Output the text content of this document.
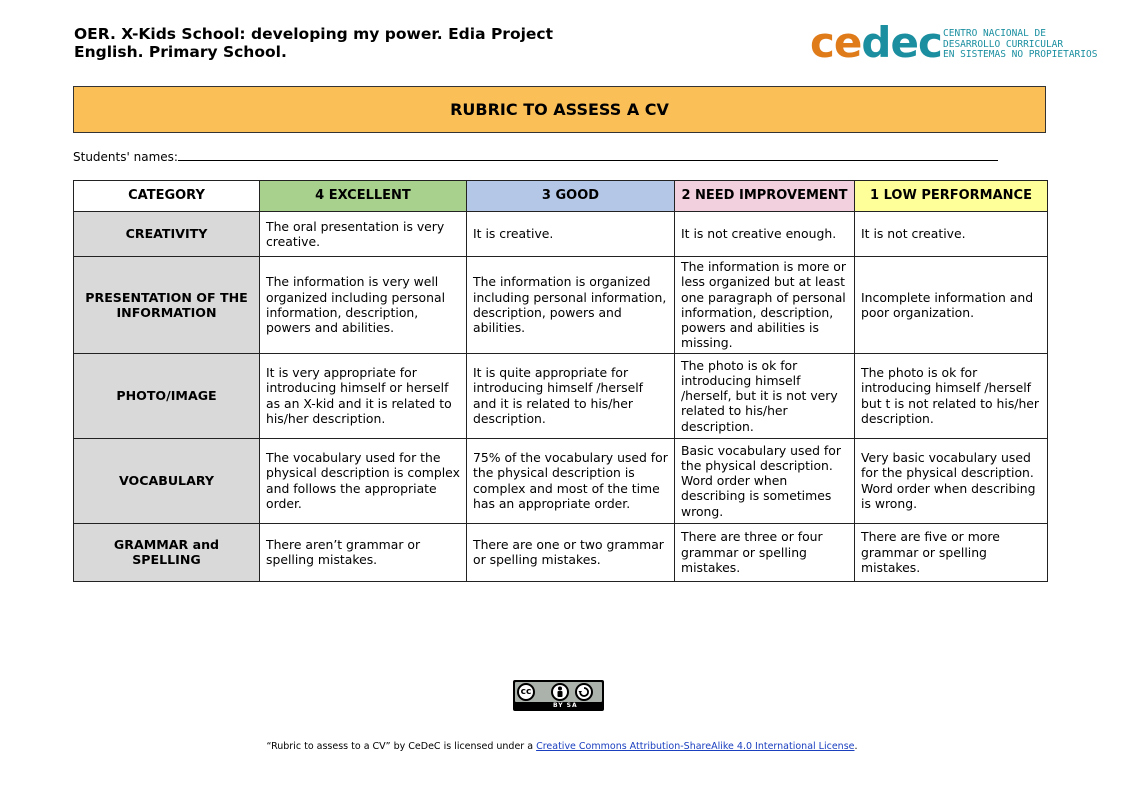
OER. X-Kids School: developing my power. Edia Project
English. Primary School.	cedec CENTRO NACIONAL DE
DESARROLLO CURRICULAR
EN SISTEMAS NO PROPIETARIOS
RUBRIC TO ASSESS A CV
Students' names:
CATEGORY	4 EXCELLENT	3 GOOD	2 NEED IMPROVEMENT	1 LOW PERFORMANCE
CREATIVITY	The oral presentation is very creative.	It is creative.	It is not creative enough.	It is not creative.
PRESENTATION OF THE INFORMATION	The information is very well organized including personal information, description, powers and abilities.	The information is organized including personal information, description, powers and abilities.	The information is more or less organized but at least one paragraph of personal information, description, powers and abilities is missing.	Incomplete information and poor organization.
PHOTO/IMAGE	It is very appropriate for introducing himself or herself as an X-kid and it is related to his/her description.	It is quite appropriate for introducing himself /herself and it is related to his/her description.	The photo is ok for introducing himself /herself, but it is not very related to his/her description.	The photo is ok for introducing himself /herself but t is not related to his/her description.
VOCABULARY	The vocabulary used for the physical description is complex and follows the appropriate order.	75% of the vocabulary used for the physical description is complex and most of the time has an appropriate order.	Basic vocabulary used for the physical description. Word order when describing is sometimes wrong.	Very basic vocabulary used for the physical description. Word order when describing is wrong.
GRAMMAR and SPELLING	There aren’t grammar or spelling mistakes.	There are one or two grammar or spelling mistakes.	There are three or four grammar or spelling mistakes.	There are five or more grammar or spelling mistakes.
cc
BY SA
“Rubric to assess to a CV” by CeDeC is licensed under a Creative Commons Attribution-ShareAlike 4.0 International License.
